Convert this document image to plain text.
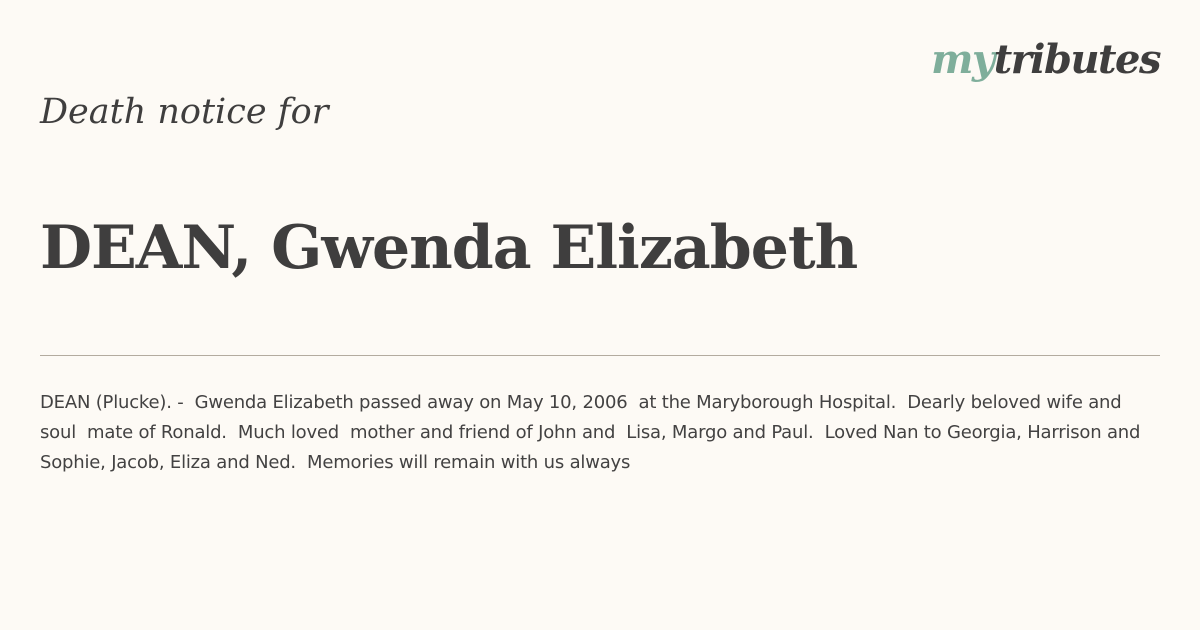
mytributes
Death notice for
DEAN, Gwenda Elizabeth

DEAN (Plucke). -  Gwenda Elizabeth passed away on May 10, 2006  at the Maryborough Hospital.  Dearly beloved wife and soul  mate of Ronald.  Much loved  mother and friend of John and  Lisa, Margo and Paul.  Loved Nan to Georgia, Harrison and  Sophie, Jacob, Eliza and Ned.  Memories will remain with us always
